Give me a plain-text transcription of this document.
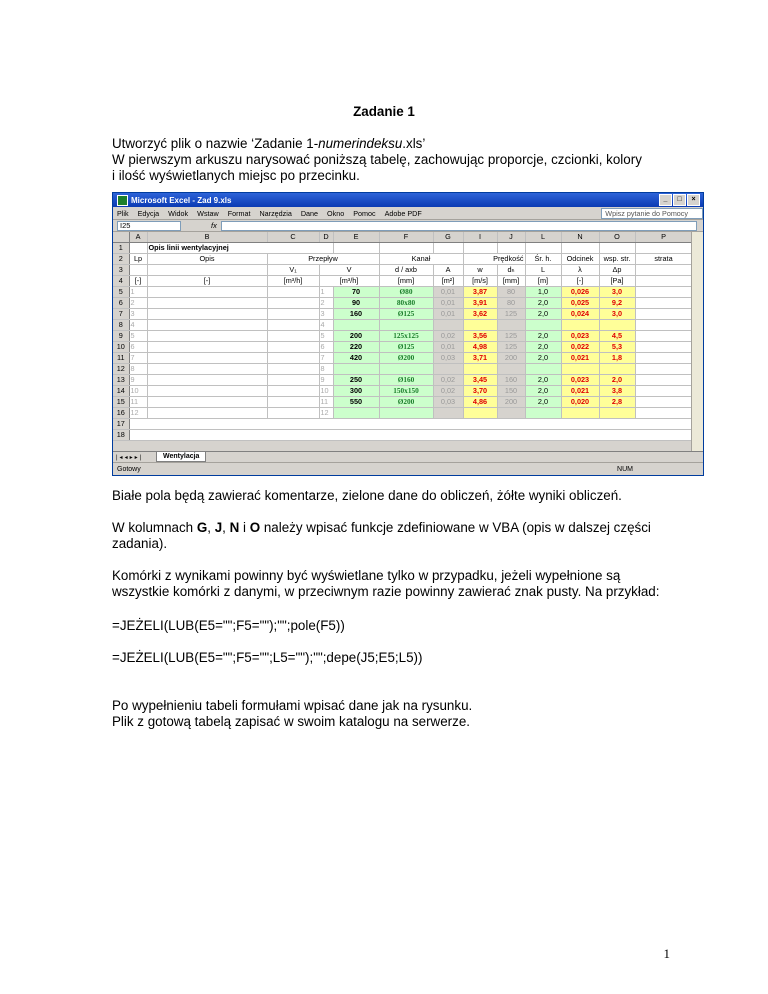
Zadanie 1
Utworzyć plik o nazwie ‘Zadanie 1-numerindeksu.xls’
W pierwszym arkuszu narysować poniższą tabelę, zachowując proporcje, czcionki, kolory
i ilość wyświetlanych miejsc po przecinku.
Microsoft Excel - Zad 9.xls	_	□	×
Plik Edycja Widok Wstaw Format Narzędzia Dane Okno Pomoc Adobe PDF	Wpisz pytanie do Pomocy
I25	fx
	A	B	C	D	E	F	G	I	J	L	N	O	P
1		Opis linii wentylacyjnej											
2	Lp	Opis	Przepływ			Kanał		Prędkość		Śr. h.	Odcinek	wsp. str.	strata
3			V₁	V		d / axb	A	w	dₕ	L	λ	Δp	
4	[-]	[-]	[m³/h]	[m³/h]		[mm]	[m²]	[m/s]	[mm]	[m]	[-]	[Pa]	
5	1			1	70	Ø80	0,01	3,87	80	1,0	0,026	3,0	
6	2			2	90	80x80	0,01	3,91	80	2,0	0,025	9,2	
7	3			3	160	Ø125	0,01	3,62	125	2,0	0,024	3,0	
8	4			4									
9	5			5	200	125x125	0,02	3,56	125	2,0	0,023	4,5	
10	6			6	220	Ø125	0,01	4,98	125	2,0	0,022	5,3	
11	7			7	420	Ø200	0,03	3,71	200	2,0	0,021	1,8	
12	8			8									
13	9			9	250	Ø160	0,02	3,45	160	2,0	0,023	2,0	
14	10			10	300	150x150	0,02	3,70	150	2,0	0,021	3,8	
15	11			11	550	Ø200	0,03	4,86	200	2,0	0,020	2,8	
16	12			12									
17													
18													
|◂◂▸▸|	Wentylacja
Gotowy	NUM
Białe pola będą zawierać komentarze, zielone dane do obliczeń, żółte wyniki obliczeń.
W kolumnach G, J, N i O należy wpisać funkcje zdefiniowane w VBA (opis w dalszej części
zadania).
Komórki z wynikami powinny być wyświetlane tylko w przypadku, jeżeli wypełnione są
wszystkie komórki z danymi, w przeciwnym razie powinny zawierać znak pusty. Na przykład:
=JEŻELI(LUB(E5="";F5="");"";pole(F5))
=JEŻELI(LUB(E5="";F5="";L5="");"";depe(J5;E5;L5))
Po wypełnieniu tabeli formułami wpisać dane jak na rysunku.
Plik z gotową tabelą zapisać w swoim katalogu na serwerze.
1
